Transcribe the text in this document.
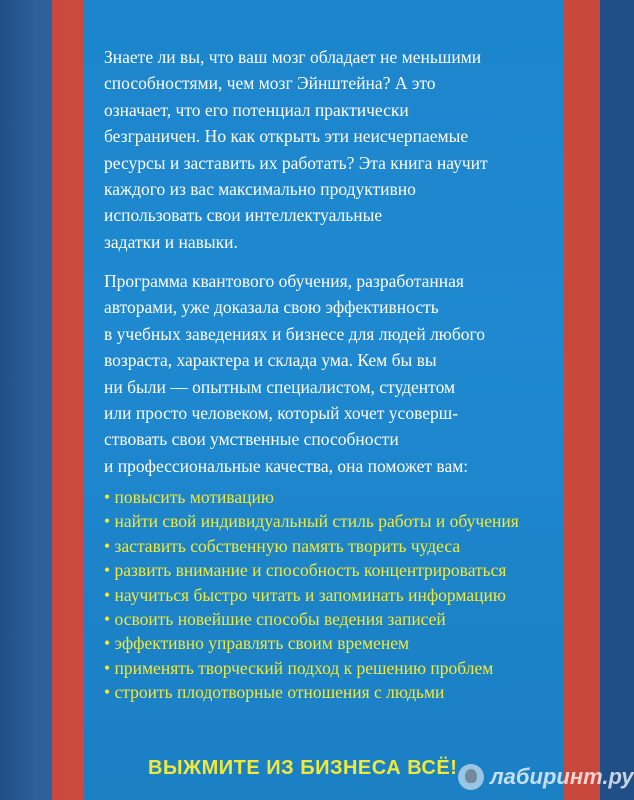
Знаете ли вы, что ваш мозг обладает не меньшими
способностями, чем мозг Эйнштейна? А это
означает, что его потенциал практически
безграничен. Но как открыть эти неисчерпаемые
ресурсы и заставить их работать? Эта книга научит
каждого из вас максимально продуктивно
использовать свои интеллектуальные
задатки и навыки.

Программа квантового обучения, разработанная
авторами, уже доказала свою эффективность
в учебных заведениях и бизнесе для людей любого
возраста, характера и склада ума. Кем бы вы
ни были — опытным специалистом, студентом
или просто человеком, который хочет усоверш-
ствовать свои умственные способности
и профессиональные качества, она поможет вам:

• повысить мотивацию
• найти свой индивидуальный стиль работы и обучения
• заставить собственную память творить чудеса
• развить внимание и способность концентрироваться
• научиться быстро читать и запоминать информацию
• освоить новейшие способы ведения записей
• эффективно управлять своим временем
• применять творческий подход к решению проблем
• строить плодотворные отношения с людьми
ВЫЖМИТЕ ИЗ БИЗНЕСА ВСЁ! лабиринт.ру
